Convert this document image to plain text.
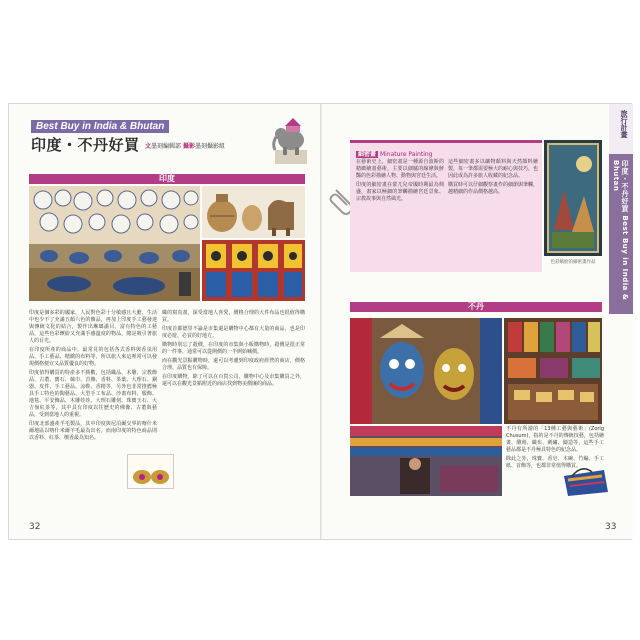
Best Buy in India & Bhutan
印度・不丹好買 文墨刻編輯部 攝影墨刻攝影組
印度

印度是個多彩的國家，人民對色彩十分敏感且大膽，生活中也少不了充滿五顏六色的飾品，再加上印度手工藝發達與傳統文化的結合，製作出琳瑯滿目、富有特色的工藝品，這些色彩繽紛又充滿手感溫度的物品，總是吸引著旅人的目光。

在印度所產的商品中，最常見的包括各式香料與香氛用品、手工藝品、精緻的布料等，所以旅人來這裡常可以發現價格便宜又品質優良的好物。

印度值得購買的特產多不勝數，包括織品、木雕、宗教飾品、古董、寶石、絲巾、首飾、香料、茶葉、大理石、銅器、皮件、手工藝品、涼鞋、香精等，另外也非常推薦極具手工特色的陶藝品、大型手工布品、沙畫布料、服飾、地毯、平安飾品、木雕娃娃、大理石雕刻、珠寶玉石、大吉嶺紅茶等，其中具有印度以往歷史的佛像、古董與藝品，受到當地人的重視。

印度北部盛產羊毛製品，其中印度與尼泊爾交界的喀什米爾地區以喀什米爾羊毛最為出名。而南印度的特色商品則以香料、紅茶、檀香最為知名。

織的寫真畫，深受當地人喜愛，價格合理的大件布品也很值得購買。

印度首都德里不論是市集還是購物中心都有大量的商品，也是印度必遊、必買的好地方。

購物時別忘了殺價，在印度的市集與小販購物時，殺價是很正常的一件事，通常可以從開價的一半開始喊價。

而在觀光景點購物時，還可以考慮到印度政府經營的商店，價格合理、品質也有保障。

在印度購物，除了可以在百貨公司、購物中心及市集購買之外，還可以在觀光景點附近的商店找到物美價廉的商品。

32
細密畫 Minature Painting

在藝術史上，細密畫是一種源自波斯的精緻繪畫藝術，主要以細膩的線條與鮮豔的色彩描繪人物、動物與宮廷生活。

印度的細密畫在蒙兀兒帝國時期最為興盛，畫家以極細的筆觸描繪宮廷景象、宗教故事與自然風光。

這些細密畫多以礦物顏料與天然顏料繪製，每一筆都需要極大的耐心與技巧，也因此成為許多旅人收藏的紀念品。

購買時可以仔細觀察畫作的細節與筆觸，越精細的作品價格越高。

色彩繽紛的細密畫作品
旅行計畫
印度・不丹好買 Best Buy in India & Bhutan
不丹

不丹有所謂的「13種工藝與藝術」(Zorig Chusum)，指的是不丹的傳統技藝，包括繪畫、雕刻、織布、刺繡、鑄造等，這些手工藝品都是不丹極具特色的紀念品。

除此之外，珠寶、香皂、木碗、竹編、手工紙、首飾等，也都非常值得購買。

33
